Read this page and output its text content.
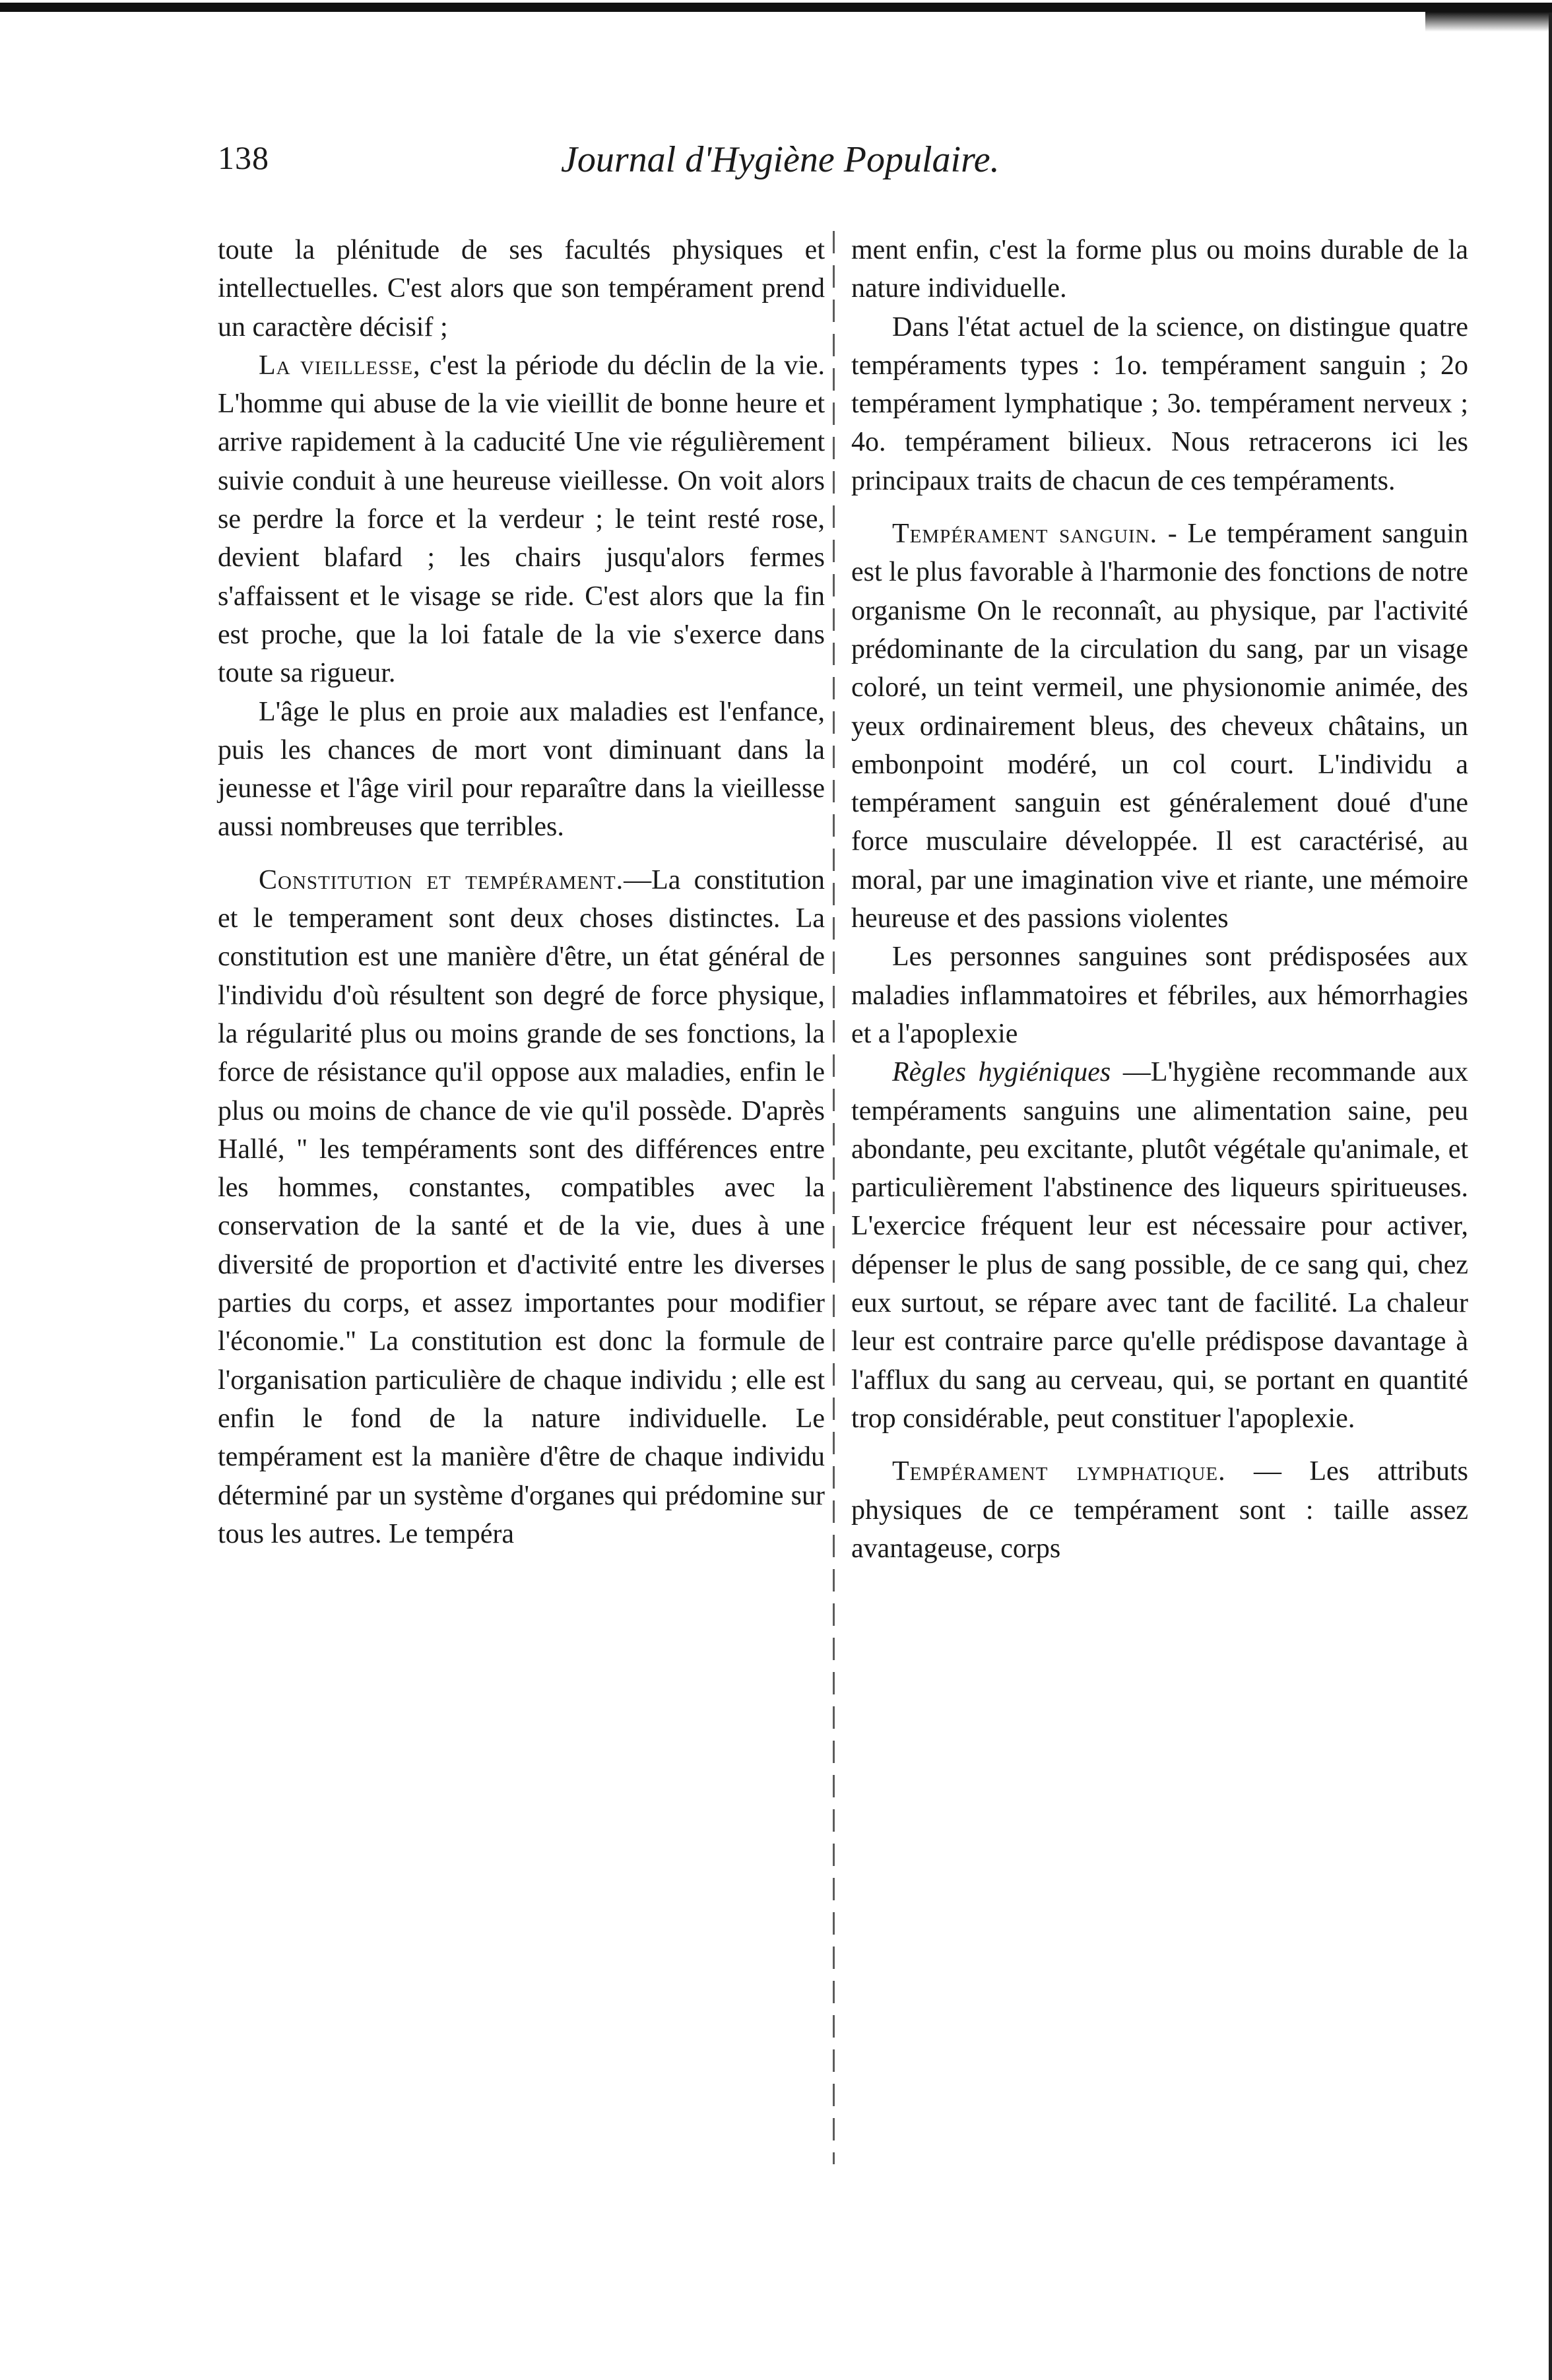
138	Journal d'Hygiène Populaire.

toute la plénitude de ses facultés physiques et intellectuelles. C'est alors que son tempérament prend un caractère décisif ;

La vieillesse, c'est la période du déclin de la vie. L'homme qui abuse de la vie vieillit de bonne heure et arrive rapidement à la caducité Une vie régulièrement suivie conduit à une heureuse vieillesse. On voit alors se perdre la force et la verdeur ; le teint resté rose, devient blafard ; les chairs jusqu'alors fermes s'affaissent et le visage se ride. C'est alors que la fin est proche, que la loi fatale de la vie s'exerce dans toute sa rigueur.

L'âge le plus en proie aux maladies est l'enfance, puis les chances de mort vont diminuant dans la jeunesse et l'âge viril pour reparaître dans la vieillesse aussi nombreuses que terribles.

Constitution et tempérament.—La constitution et le temperament sont deux choses distinctes. La constitution est une manière d'être, un état général de l'individu d'où résultent son degré de force physique, la régularité plus ou moins grande de ses fonctions, la force de résistance qu'il oppose aux maladies, enfin le plus ou moins de chance de vie qu'il possède. D'après Hallé, " les tempéraments sont des différences entre les hommes, constantes, compatibles avec la conservation de la santé et de la vie, dues à une diversité de proportion et d'activité entre les diverses parties du corps, et assez importantes pour modifier l'économie." La constitution est donc la formule de l'organisation particulière de chaque individu ; elle est enfin le fond de la nature individuelle. Le tempérament est la manière d'être de chaque individu déterminé par un système d'organes qui prédomine sur tous les autres. Le tempéra

ment enfin, c'est la forme plus ou moins durable de la nature individuelle.

Dans l'état actuel de la science, on distingue quatre tempéraments types : 1o. tempérament sanguin ; 2o tempérament lymphatique ; 3o. tempérament nerveux ; 4o. tempérament bilieux. Nous retracerons ici les principaux traits de chacun de ces tempéraments.

Tempérament sanguin. - Le tempérament sanguin est le plus favorable à l'harmonie des fonctions de notre organisme On le reconnaît, au physique, par l'activité prédominante de la circulation du sang, par un visage coloré, un teint vermeil, une physionomie animée, des yeux ordinairement bleus, des cheveux châtains, un embonpoint modéré, un col court. L'individu a tempérament sanguin est généralement doué d'une force musculaire développée. Il est caractérisé, au moral, par une imagination vive et riante, une mémoire heureuse et des passions violentes

Les personnes sanguines sont prédisposées aux maladies inflammatoires et fébriles, aux hémorrhagies et a l'apoplexie

Règles hygiéniques —L'hygiène recommande aux tempéraments sanguins une alimentation saine, peu abondante, peu excitante, plutôt végétale qu'animale, et particulièrement l'abstinence des liqueurs spiritueuses. L'exercice fréquent leur est nécessaire pour activer, dépenser le plus de sang possible, de ce sang qui, chez eux surtout, se répare avec tant de facilité. La chaleur leur est contraire parce qu'elle prédispose davantage à l'afflux du sang au cerveau, qui, se portant en quantité trop considérable, peut constituer l'apoplexie.

Tempérament lymphatique. — Les attributs physiques de ce tempérament sont : taille assez avantageuse, corps
